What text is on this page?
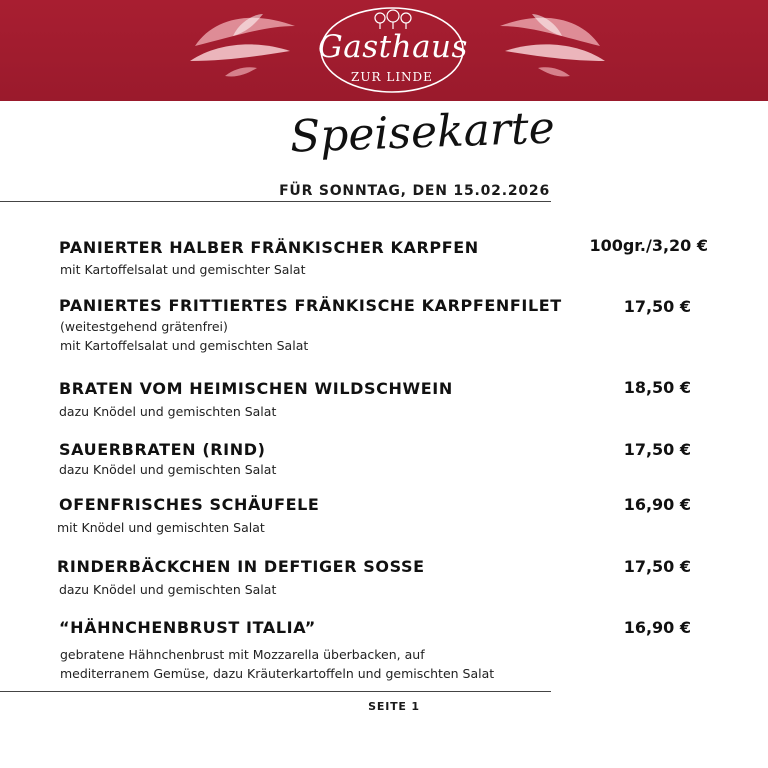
Gasthaus
ZUR LINDE
Speisekarte
FÜR SONNTAG, DEN 15.02.2026
PANIERTER HALBER FRÄNKISCHER KARPFEN
mit Kartoffelsalat und gemischter Salat
100gr./3,20 €
PANIERTES FRITTIERTES FRÄNKISCHE KARPFENFILET
(weitestgehend grätenfrei)
mit Kartoffelsalat und gemischten Salat
17,50 €
BRATEN VOM HEIMISCHEN WILDSCHWEIN
dazu Knödel und gemischten Salat
18,50 €
SAUERBRATEN (RIND)
dazu Knödel und gemischten Salat
17,50 €
OFENFRISCHES SCHÄUFELE
mit Knödel und gemischten Salat
16,90 €
RINDERBÄCKCHEN IN DEFTIGER SOSSE
dazu Knödel und gemischten Salat
17,50 €
“HÄHNCHENBRUST ITALIA”
gebratene Hähnchenbrust mit Mozzarella überbacken, auf
mediterranem Gemüse, dazu Kräuterkartoffeln und gemischten Salat
16,90 €
SEITE 1
